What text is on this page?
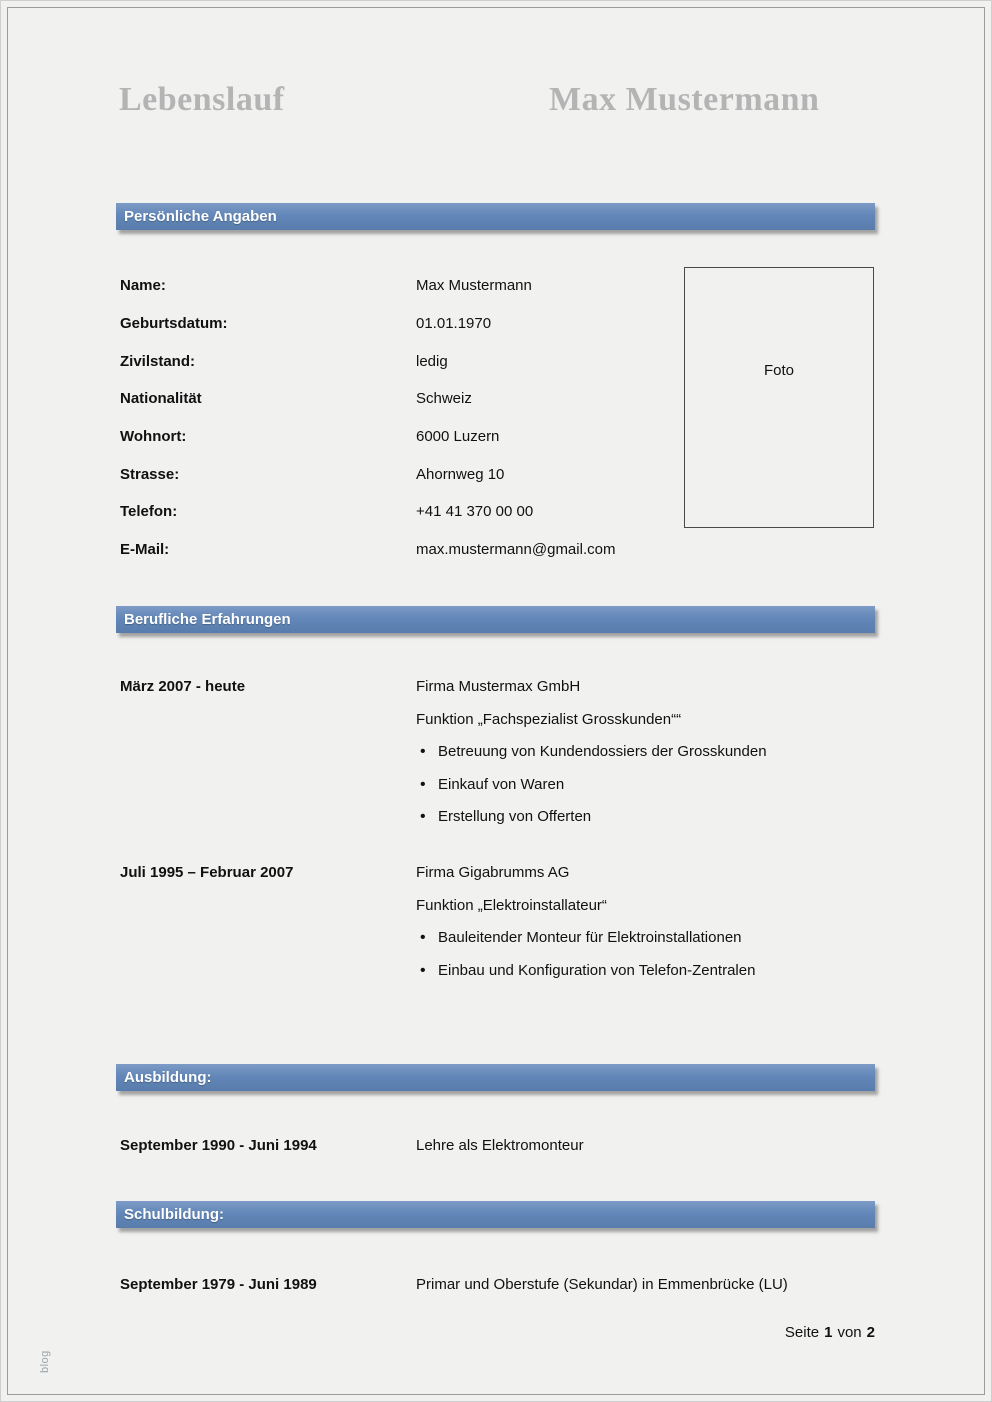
Lebenslauf	Max Mustermann
Persönliche Angaben
Name:	Max Mustermann
Geburtsdatum:	01.01.1970
Zivilstand:	ledig
Nationalität	Schweiz
Wohnort:	6000 Luzern
Strasse:	Ahornweg 10
Telefon:	+41 41 370 00 00
E-Mail:	max.mustermann@gmail.com
Foto
Berufliche Erfahrungen
März 2007 - heute	Firma Mustermax GmbH
Funktion „Fachspezialist Grosskunden““
• Betreuung von Kundendossiers der Grosskunden
• Einkauf von Waren
• Erstellung von Offerten
Juli 1995 – Februar 2007	Firma Gigabrumms AG
Funktion „Elektroinstallateur“
• Bauleitender Monteur für Elektroinstallationen
• Einbau und Konfiguration von Telefon-Zentralen
Ausbildung:
September 1990 - Juni 1994	Lehre als Elektromonteur
Schulbildung:
September 1979 - Juni 1989	Primar und Oberstufe (Sekundar) in Emmenbrücke (LU)
Seite 1 von 2
blog
